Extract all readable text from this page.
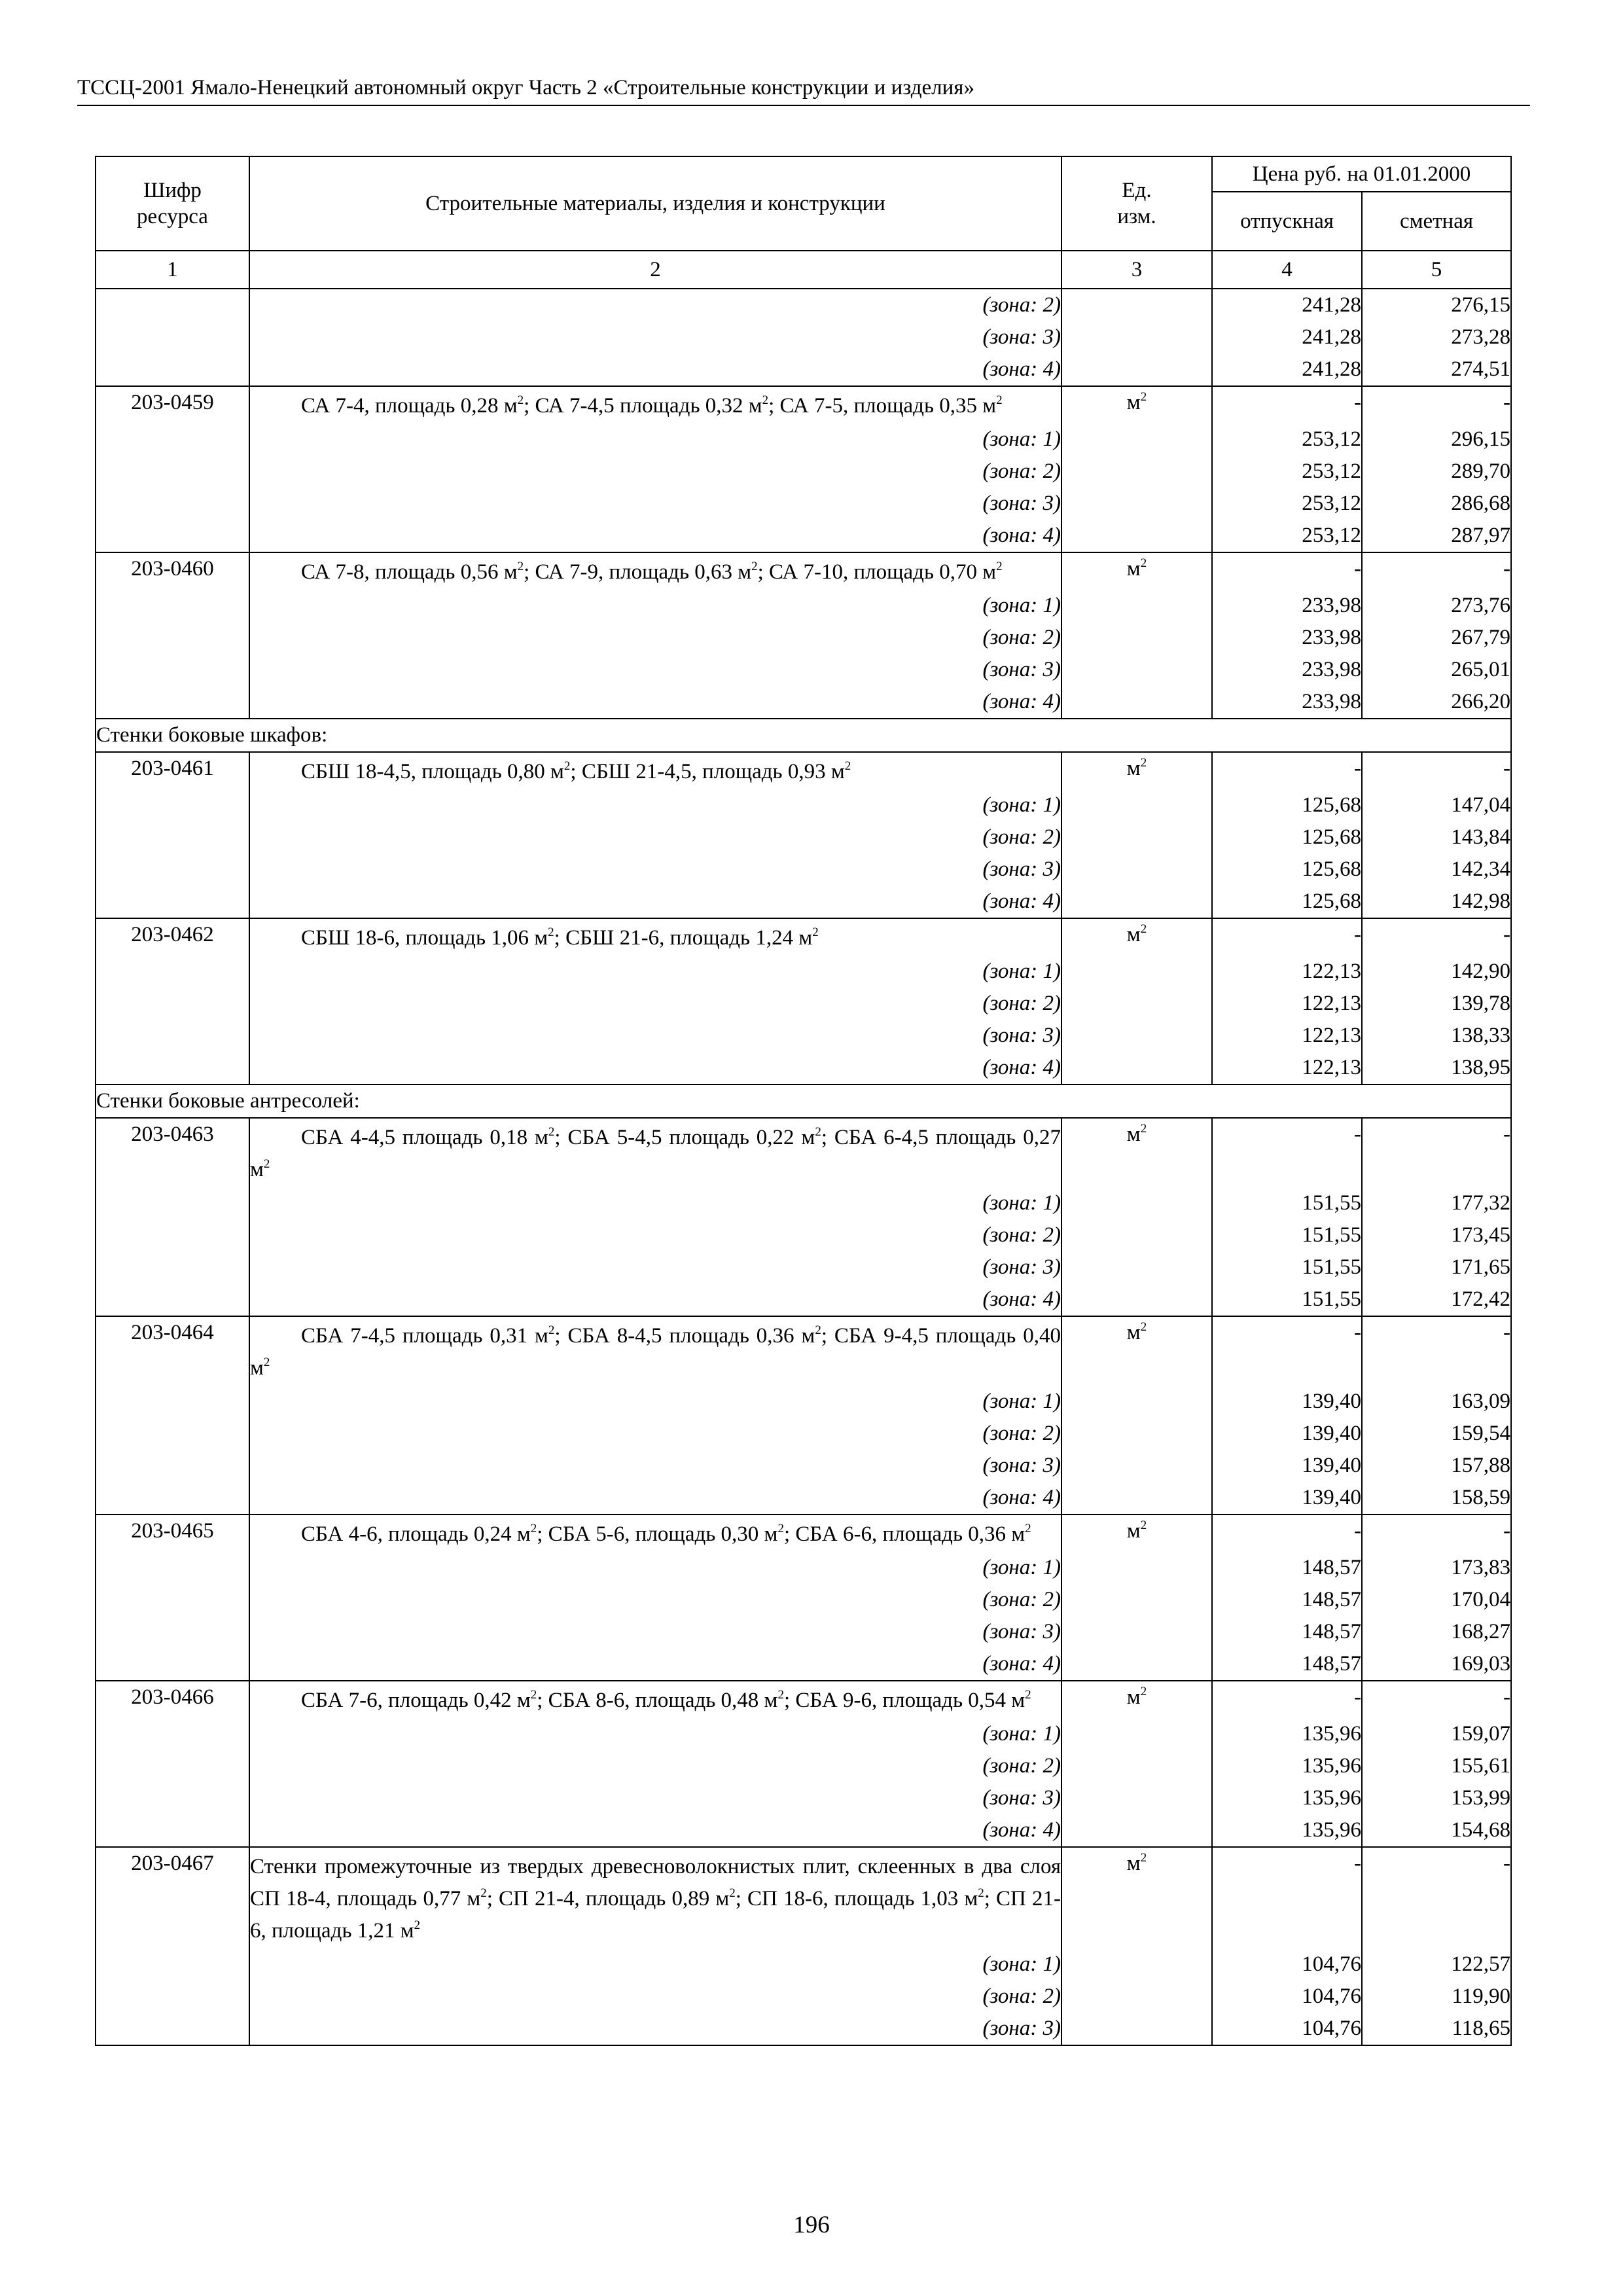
ТССЦ-2001 Ямало-Ненецкий автономный округ Часть 2 «Строительные конструкции и изделия»
Шифр ресурса	Строительные материалы, изделия и конструкции	Ед. изм.	Цена руб. на 01.01.2000	
			отпускная	сметная
1	2	3	4	5
	(зона: 2)		241,28	276,15
	(зона: 3)		241,28	273,28
	(зона: 4)		241,28	274,51
203-0459	СА 7-4, площадь 0,28 $м^2$; СА 7-4,5 площадь 0,32 $м^2$; СА 7-5, площадь 0,35 $м^2$	$м^2$	-	-
	(зона: 1)		253,12	296,15
	(зона: 2)		253,12	289,70
	(зона: 3)		253,12	286,68
	(зона: 4)		253,12	287,97
203-0460	СА 7-8, площадь 0,56 $м^2$; СА 7-9, площадь 0,63 $м^2$; СА 7-10, площадь 0,70 $м^2$	$м^2$	-	-
	(зона: 1)		233,98	273,76
	(зона: 2)		233,98	267,79
	(зона: 3)		233,98	265,01
	(зона: 4)		233,98	266,20
Стенки боковые шкафов:				
203-0461	СБШ 18-4,5, площадь 0,80 $м^2$; СБШ 21-4,5, площадь 0,93 $м^2$	$м^2$	-	-
	(зона: 1)		125,68	147,04
	(зона: 2)		125,68	143,84
	(зона: 3)		125,68	142,34
	(зона: 4)		125,68	142,98
203-0462	СБШ 18-6, площадь 1,06 $м^2$; СБШ 21-6, площадь 1,24 $м^2$	$м^2$	-	-
	(зона: 1)		122,13	142,90
	(зона: 2)		122,13	139,78
	(зона: 3)		122,13	138,33
	(зона: 4)		122,13	138,95
Стенки боковые антресолей:				
203-0463	СБА 4-4,5 площадь 0,18 $м^2$; СБА 5-4,5 площадь 0,22 $м^2$; СБА 6-4,5 площадь 0,27 $м^2$	$м^2$	-	-
	(зона: 1)		151,55	177,32
	(зона: 2)		151,55	173,45
	(зона: 3)		151,55	171,65
	(зона: 4)		151,55	172,42
203-0464	СБА 7-4,5 площадь 0,31 $м^2$; СБА 8-4,5 площадь 0,36 $м^2$; СБА 9-4,5 площадь 0,40 $м^2$	$м^2$	-	-
	(зона: 1)		139,40	163,09
	(зона: 2)		139,40	159,54
	(зона: 3)		139,40	157,88
	(зона: 4)		139,40	158,59
203-0465	СБА 4-6, площадь 0,24 $м^2$; СБА 5-6, площадь 0,30 $м^2$; СБА 6-6, площадь 0,36 $м^2$	$м^2$	-	-
	(зона: 1)		148,57	173,83
	(зона: 2)		148,57	170,04
	(зона: 3)		148,57	168,27
	(зона: 4)		148,57	169,03
203-0466	СБА 7-6, площадь 0,42 $м^2$; СБА 8-6, площадь 0,48 $м^2$; СБА 9-6, площадь 0,54 $м^2$	$м^2$	-	-
	(зона: 1)		135,96	159,07
	(зона: 2)		135,96	155,61
	(зона: 3)		135,96	153,99
	(зона: 4)		135,96	154,68
203-0467	Стенки промежуточные из твердых древесноволокнистых плит, склеенных в два слоя СП 18-4, площадь 0,77 $м^2$; СП 21-4, площадь 0,89 $м^2$; СП 18-6, площадь 1,03 $м^2$; СП 21-6, площадь 1,21 $м^2$	$м^2$	-	-
	(зона: 1)		104,76	122,57
	(зона: 2)		104,76	119,90
	(зона: 3)		104,76	118,65
196
